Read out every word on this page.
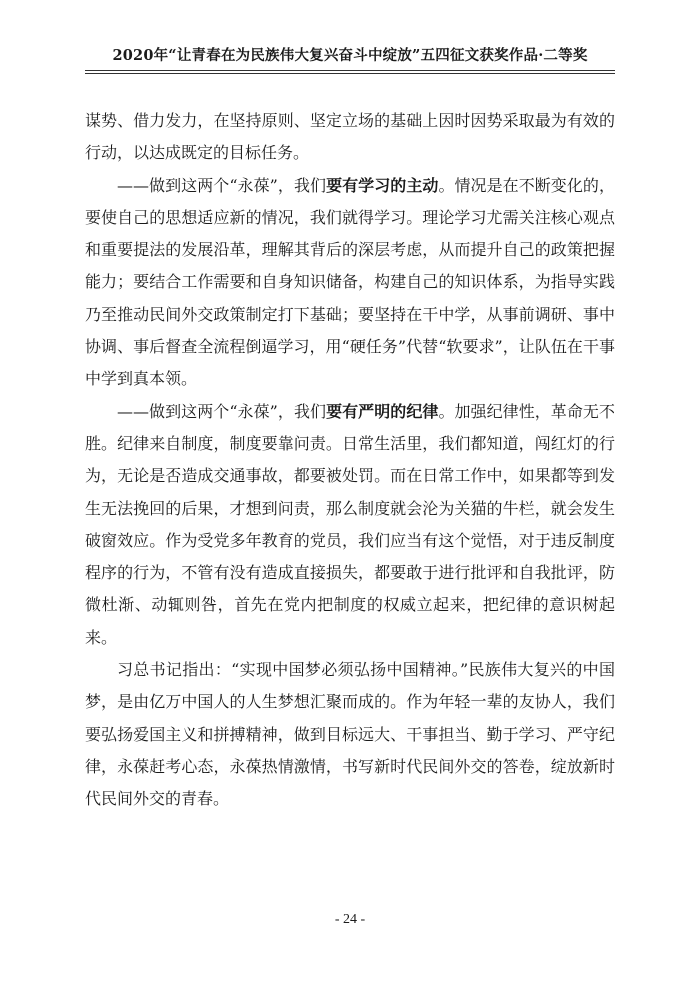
2020年“让青春在为民族伟大复兴奋斗中绽放”五四征文获奖作品·二等奖

谋势、借力发力，在坚持原则、坚定立场的基础上因时因势采取最为有效的行动，以达成既定的目标任务。

——做到这两个“永葆”，我们要有学习的主动。情况是在不断变化的，要使自己的思想适应新的情况，我们就得学习。理论学习尤需关注核心观点和重要提法的发展沿革，理解其背后的深层考虑，从而提升自己的政策把握能力；要结合工作需要和自身知识储备，构建自己的知识体系，为指导实践乃至推动民间外交政策制定打下基础；要坚持在干中学，从事前调研、事中协调、事后督查全流程倒逼学习，用“硬任务”代替“软要求”，让队伍在干事中学到真本领。

——做到这两个“永葆”，我们要有严明的纪律。加强纪律性，革命无不胜。纪律来自制度，制度要靠问责。日常生活里，我们都知道，闯红灯的行为，无论是否造成交通事故，都要被处罚。而在日常工作中，如果都等到发生无法挽回的后果，才想到问责，那么制度就会沦为关猫的牛栏，就会发生破窗效应。作为受党多年教育的党员，我们应当有这个觉悟，对于违反制度程序的行为，不管有没有造成直接损失，都要敢于进行批评和自我批评，防微杜渐、动辄则咎，首先在党内把制度的权威立起来，把纪律的意识树起来。

习总书记指出：“实现中国梦必须弘扬中国精神。”民族伟大复兴的中国梦，是由亿万中国人的人生梦想汇聚而成的。作为年轻一辈的友协人，我们要弘扬爱国主义和拼搏精神，做到目标远大、干事担当、勤于学习、严守纪律，永葆赶考心态，永葆热情激情，书写新时代民间外交的答卷，绽放新时代民间外交的青春。

- 24 -
